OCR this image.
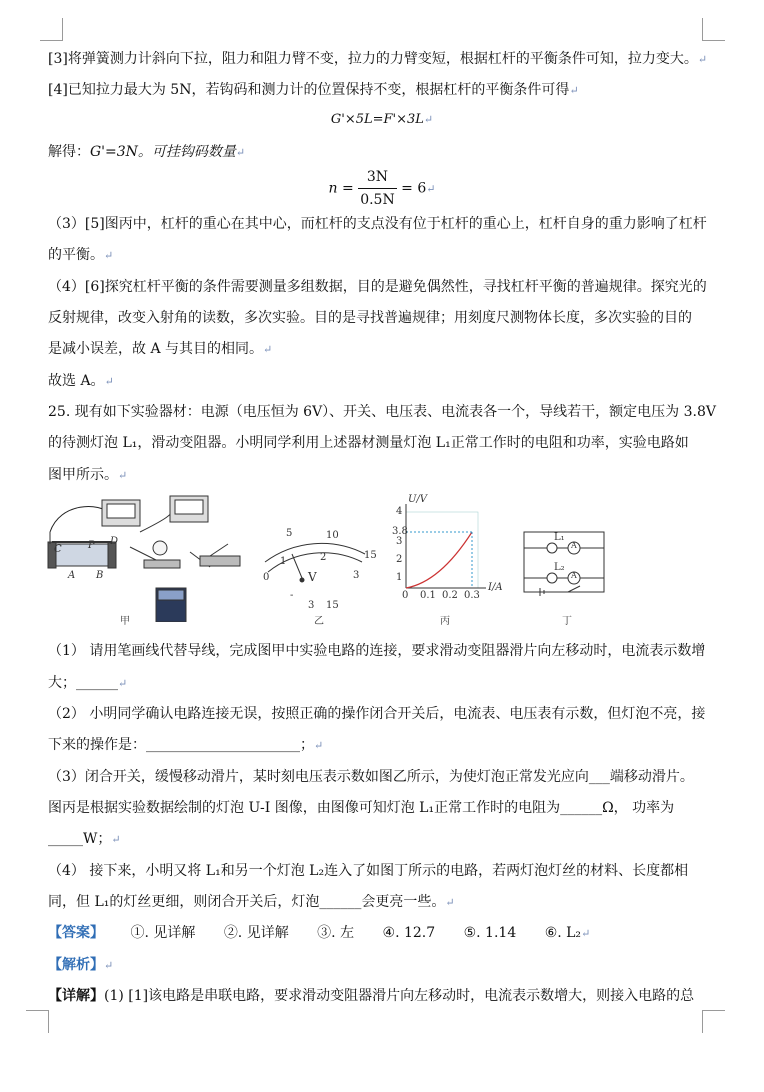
[3]将弹簧测力计斜向下拉，阻力和阻力臂不变，拉力的力臂变短，根据杠杆的平衡条件可知，拉力变大。↵
[4]已知拉力最大为 5N，若钩码和测力计的位置保持不变，根据杠杆的平衡条件可得↵
G'×5L=F'×3L↵
解得：G'=3N。可挂钩码数量↵
$n = \frac{3N}{0.5N}$ = 6↵
（3）[5]图丙中，杠杆的重心在其中心，而杠杆的支点没有位于杠杆的重心上，杠杆自身的重力影响了杠杆
的平衡。↵
（4）[6]探究杠杆平衡的条件需要测量多组数据，目的是避免偶然性，寻找杠杆平衡的普遍规律。探究光的
反射规律，改变入射角的读数，多次实验。目的是寻找普遍规律；用刻度尺测物体长度，多次实验的目的
是减小误差，故 A 与其目的相同。↵
故选 A。↵
25. 现有如下实验器材：电源（电压恒为 6V）、开关、电压表、电流表各一个，导线若干，额定电压为 3.8V
的待测灯泡 L₁，滑动变阻器。小明同学利用上述器材测量灯泡 L₁正常工作时的电阻和功率，实验电路如
图甲所示。↵
C	P D
A B
甲
5	10
0
1	2
3
15
V
-
3 15
乙
U/V
I/A
4
3.8
3
2
1
0 0.1 0.2 0.3
丙
L₁
L₂
A
A
丁
（1） 请用笔画线代替导线，完成图甲中实验电路的连接，要求滑动变阻器滑片向左移动时，电流表示数增
大；______↵
（2） 小明同学确认电路连接无误，按照正确的操作闭合开关后，电流表、电压表有示数，但灯泡不亮，接
下来的操作是：______________________；↵
（3）闭合开关，缓慢移动滑片，某时刻电压表示数如图乙所示，为使灯泡正常发光应向___端移动滑片。
图丙是根据实验数据绘制的灯泡 U-I 图像，由图像可知灯泡 L₁正常工作时的电阻为______Ω， 功率为
_____W；↵
（4） 接下来，小明又将 L₁和另一个灯泡 L₂连入了如图丁所示的电路，若两灯泡灯丝的材料、长度都相
同，但 L₁的灯丝更细，则闭合开关后，灯泡______会更亮一些。↵
【答案】 ①. 见详解 ②. 见详解 ③. 左 ④. 12.7 ⑤. 1.14 ⑥. L₂↵
【解析】↵
【详解】(1) [1]该电路是串联电路，要求滑动变阻器滑片向左移动时，电流表示数增大，则接入电路的总
